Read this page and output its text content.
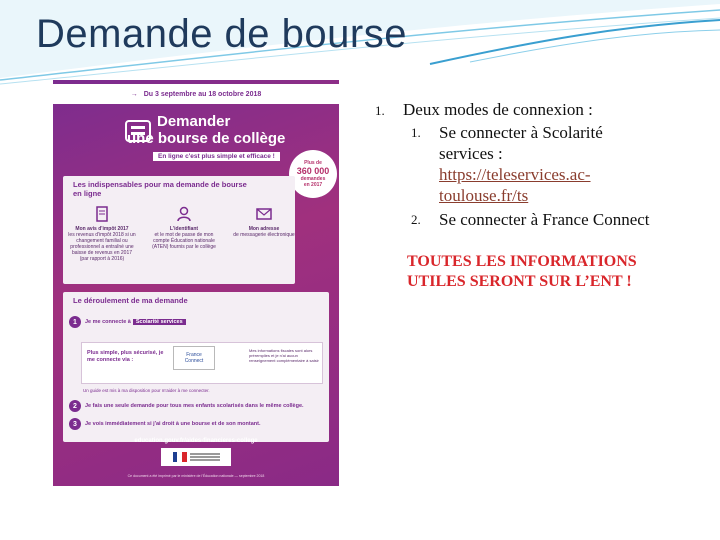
Demande de bourse
→ Du 3 septembre au 18 octobre 2018
Demander
une bourse de collège
En ligne c'est plus simple et efficace !
Plus de
360 000
demandes
en 2017
Les indispensables pour ma demande de bourse en ligne
Mon avis d'impôt 2017
les revenus d'impôt 2018 si un changement familial ou professionnel a entraîné une baisse de revenus en 2017 (par rapport à 2016)
L'identifiant
et le mot de passe de mon compte Éducation nationale (ATEN) fournis par le collège
Mon adresse
de messagerie électronique
Le déroulement de ma demande
1	Je me connecte à Scolarité services
Plus simple, plus sécurisé, je me connecte via :
France
Connect
Mes informations fiscales sont alors préremplies et je n'ai aucun renseignement complémentaire à saisir
Un guide est mis à ma disposition pour m'aider à me connecter.
2	Je fais une seule demande pour tous mes enfants scolarisés dans le même collège.
3	Je vois immédiatement si j'ai droit à une bourse et de son montant.
education.gouv.fr/aides-financieres-college
Ce document a été imprimé par le ministère de l'Éducation nationale — septembre 2018
1. Deux modes de connexion :
1. Se connecter à Scolarité
services :
https://teleservices.ac-
toulouse.fr/ts
2. Se connecter à France Connect
TOUTES LES INFORMATIONS
UTILES SERONT SUR L’ENT !
